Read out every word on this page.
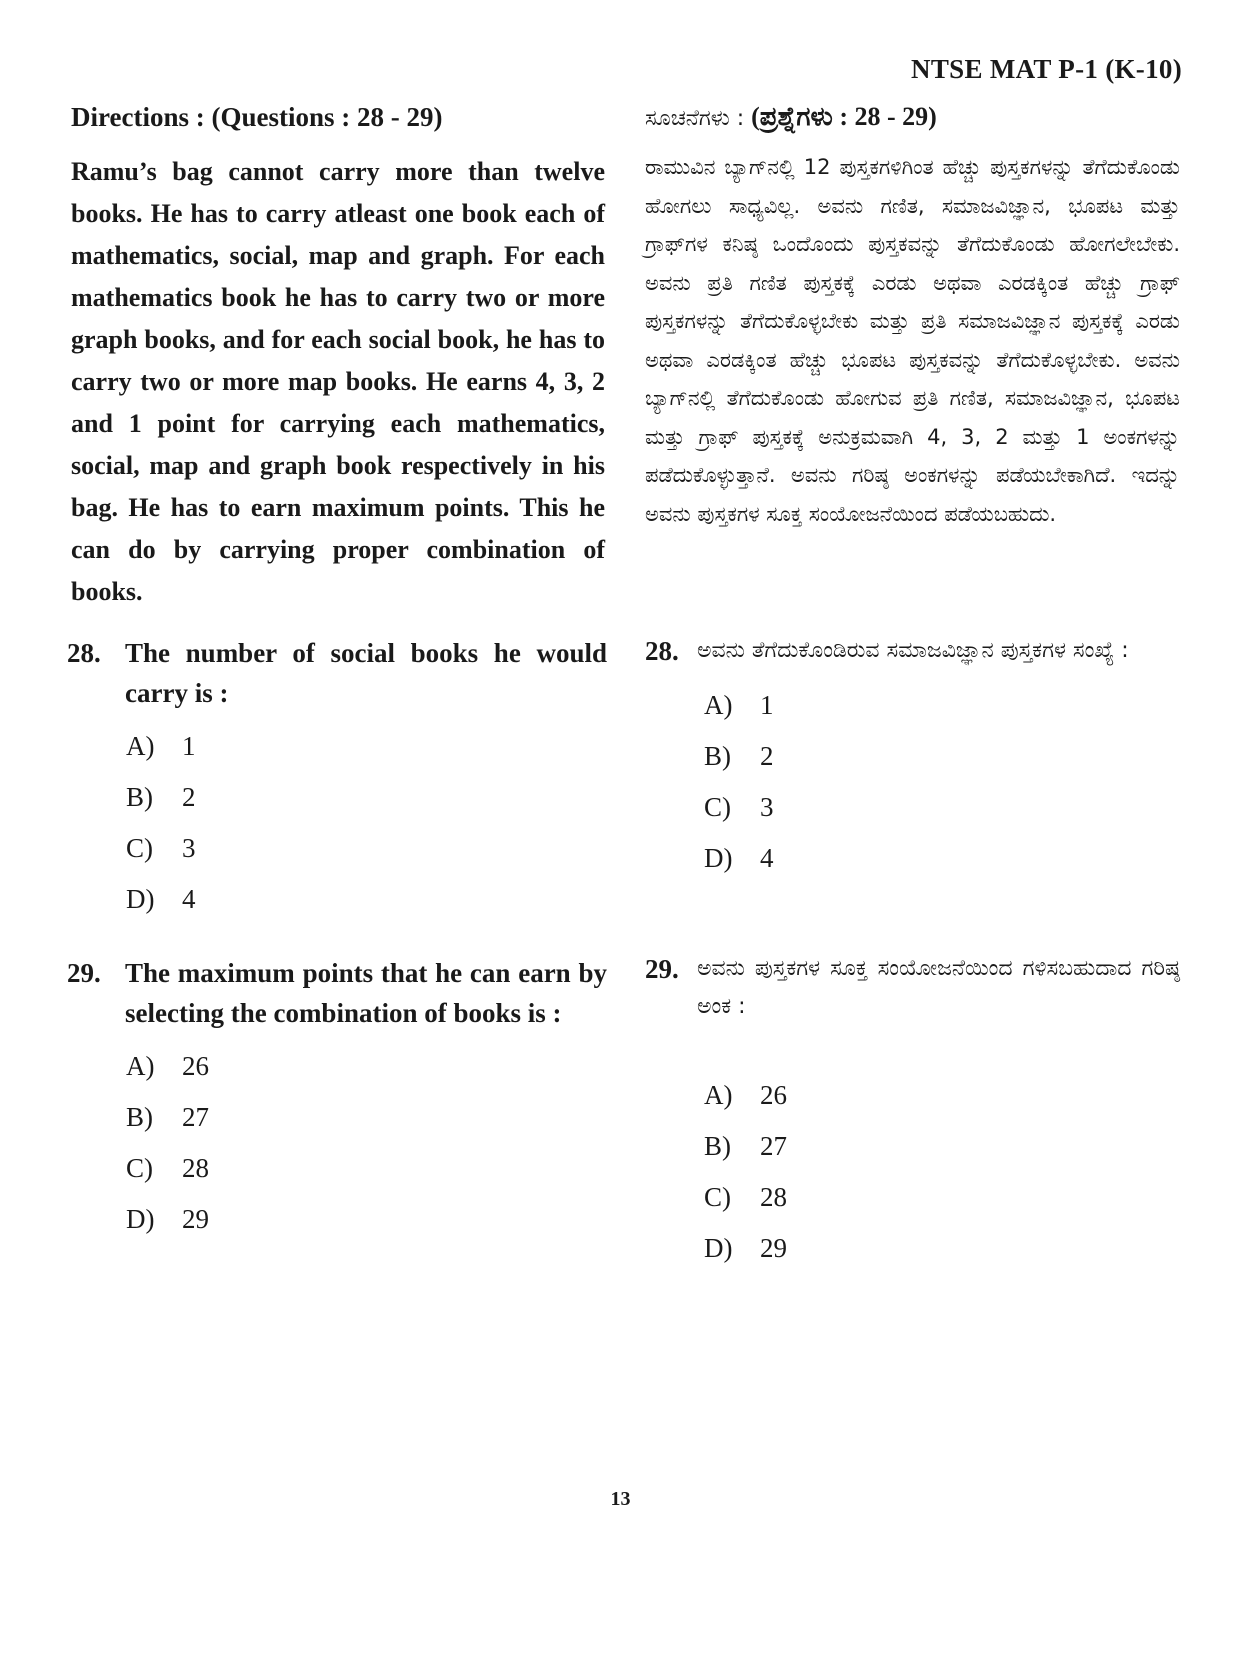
NTSE MAT P-1 (K-10)

Directions : (Questions : 28 - 29)

Ramu’s bag cannot carry more than twelve books. He has to carry atleast one book each of mathematics, social, map and graph. For each mathematics book he has to carry two or more graph books, and for each social book, he has to carry two or more map books. He earns 4, 3, 2 and 1 point for carrying each mathematics, social, map and graph book respectively in his bag. He has to earn maximum points. This he can do by carrying proper combination of books.

ಸೂಚನೆಗಳು : (ಪ್ರಶ್ನೆಗಳು : 28 - 29)

ರಾಮುವಿನ ಬ್ಯಾಗ್‌ನಲ್ಲಿ 12 ಪುಸ್ತಕಗಳಿಗಿಂತ ಹೆಚ್ಚು ಪುಸ್ತಕಗಳನ್ನು ತೆಗೆದುಕೊಂಡು ಹೋಗಲು ಸಾಧ್ಯವಿಲ್ಲ. ಅವನು ಗಣಿತ, ಸಮಾಜವಿಜ್ಞಾನ, ಭೂಪಟ ಮತ್ತು ಗ್ರಾಫ್‌ಗಳ ಕನಿಷ್ಠ ಒಂದೊಂದು ಪುಸ್ತಕವನ್ನು ತೆಗೆದುಕೊಂಡು ಹೋಗಲೇಬೇಕು. ಅವನು ಪ್ರತಿ ಗಣಿತ ಪುಸ್ತಕಕ್ಕೆ ಎರಡು ಅಥವಾ ಎರಡಕ್ಕಿಂತ ಹೆಚ್ಚು ಗ್ರಾಫ್ ಪುಸ್ತಕಗಳನ್ನು ತೆಗೆದುಕೊಳ್ಳಬೇಕು ಮತ್ತು ಪ್ರತಿ ಸಮಾಜವಿಜ್ಞಾನ ಪುಸ್ತಕಕ್ಕೆ ಎರಡು ಅಥವಾ ಎರಡಕ್ಕಿಂತ ಹೆಚ್ಚು ಭೂಪಟ ಪುಸ್ತಕವನ್ನು ತೆಗೆದುಕೊಳ್ಳಬೇಕು. ಅವನು ಬ್ಯಾಗ್‌ನಲ್ಲಿ ತೆಗೆದುಕೊಂಡು ಹೋಗುವ ಪ್ರತಿ ಗಣಿತ, ಸಮಾಜವಿಜ್ಞಾನ, ಭೂಪಟ ಮತ್ತು ಗ್ರಾಫ್ ಪುಸ್ತಕಕ್ಕೆ ಅನುಕ್ರಮವಾಗಿ 4, 3, 2 ಮತ್ತು 1 ಅಂಕಗಳನ್ನು ಪಡೆದುಕೊಳ್ಳುತ್ತಾನೆ. ಅವನು ಗರಿಷ್ಠ ಅಂಕಗಳನ್ನು ಪಡೆಯಬೇಕಾಗಿದೆ. ಇದನ್ನು ಅವನು ಪುಸ್ತಕಗಳ ಸೂಕ್ತ ಸಂಯೋಜನೆಯಿಂದ ಪಡೆಯಬಹುದು.

28. The number of social books he would carry is :
A)	1
B)	2
C)	3
D)	4
29. The maximum points that he can earn by selecting the combination of books is :
A)	26
B)	27
C)	28
D)	29
28. ಅವನು ತೆಗೆದುಕೊಂಡಿರುವ ಸಮಾಜವಿಜ್ಞಾನ ಪುಸ್ತಕಗಳ ಸಂಖ್ಯೆ :
A)	1
B)	2
C)	3
D)	4
29. ಅವನು ಪುಸ್ತಕಗಳ ಸೂಕ್ತ ಸಂಯೋಜನೆಯಿಂದ ಗಳಿಸಬಹುದಾದ ಗರಿಷ್ಠ ಅಂಕ :
A)	26
B)	27
C)	28
D)	29
13
